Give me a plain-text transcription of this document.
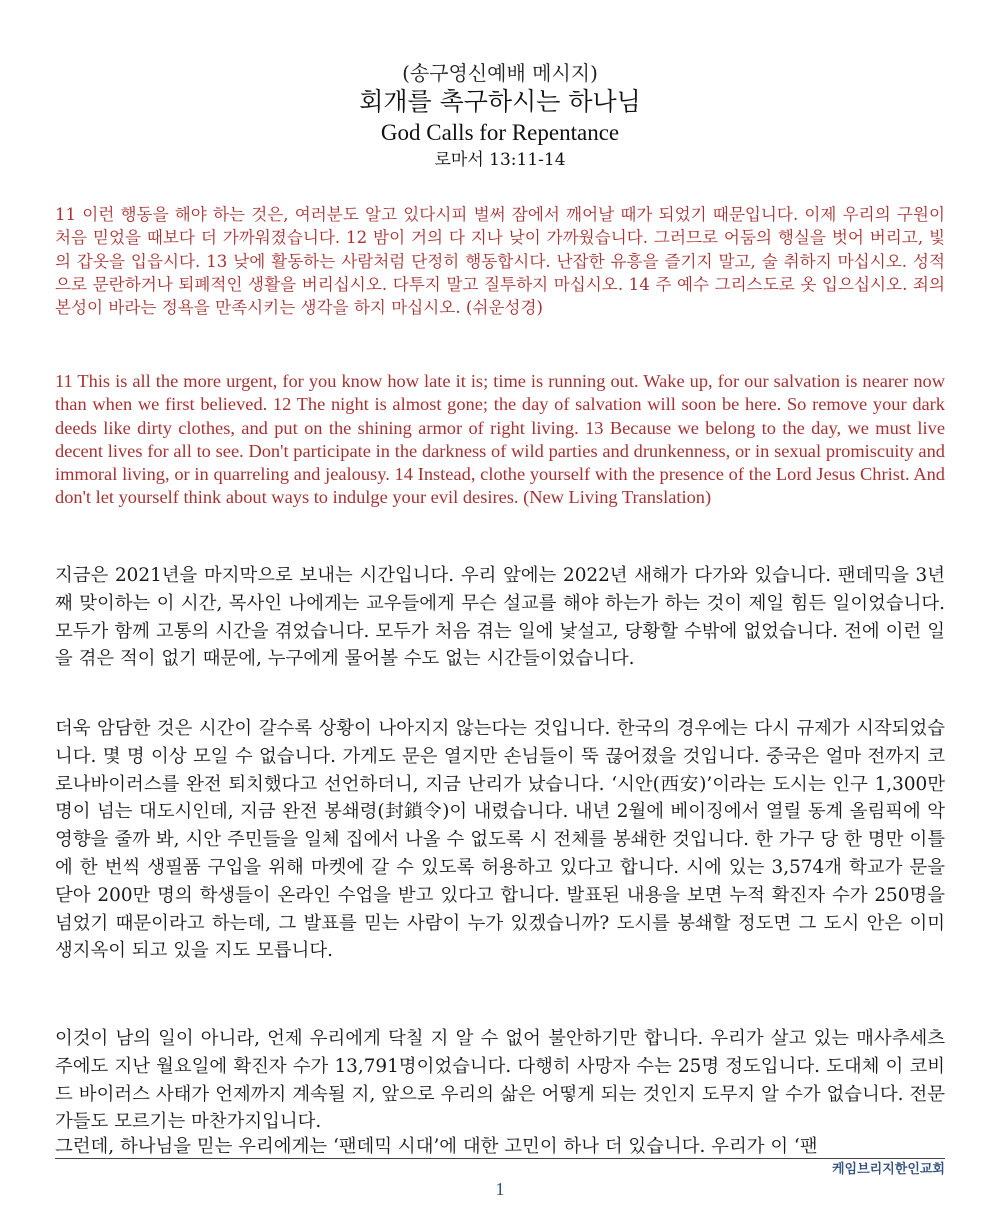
(송구영신예배 메시지)
회개를 촉구하시는 하나님
God Calls for Repentance
로마서 13:11-14
11 이런 행동을 해야 하는 것은, 여러분도 알고 있다시피 벌써 잠에서 깨어날 때가 되었기 때문입니다. 이제 우리의 구원이 처음 믿었을 때보다 더 가까워졌습니다. 12 밤이 거의 다 지나 낮이 가까웠습니다. 그러므로 어둠의 행실을 벗어 버리고, 빛의 갑옷을 입읍시다. 13 낮에 활동하는 사람처럼 단정히 행동합시다. 난잡한 유흥을 즐기지 말고, 술 취하지 마십시오. 성적으로 문란하거나 퇴폐적인 생활을 버리십시오. 다투지 말고 질투하지 마십시오. 14 주 예수 그리스도로 옷 입으십시오. 죄의 본성이 바라는 정욕을 만족시키는 생각을 하지 마십시오. (쉬운성경)
11 This is all the more urgent, for you know how late it is; time is running out. Wake up, for our salvation is nearer now than when we first believed. 12 The night is almost gone; the day of salvation will soon be here. So remove your dark deeds like dirty clothes, and put on the shining armor of right living. 13 Because we belong to the day, we must live decent lives for all to see. Don't participate in the darkness of wild parties and drunkenness, or in sexual promiscuity and immoral living, or in quarreling and jealousy. 14 Instead, clothe yourself with the presence of the Lord Jesus Christ. And don't let yourself think about ways to indulge your evil desires. (New Living Translation)

지금은 2021년을 마지막으로 보내는 시간입니다. 우리 앞에는 2022년 새해가 다가와 있습니다. 팬데믹을 3년째 맞이하는 이 시간, 목사인 나에게는 교우들에게 무슨 설교를 해야 하는가 하는 것이 제일 힘든 일이었습니다. 모두가 함께 고통의 시간을 겪었습니다. 모두가 처음 겪는 일에 낯설고, 당황할 수밖에 없었습니다. 전에 이런 일을 겪은 적이 없기 때문에, 누구에게 물어볼 수도 없는 시간들이었습니다.

더욱 암담한 것은 시간이 갈수록 상황이 나아지지 않는다는 것입니다. 한국의 경우에는 다시 규제가 시작되었습니다. 몇 명 이상 모일 수 없습니다. 가게도 문은 열지만 손님들이 뚝 끊어졌을 것입니다. 중국은 얼마 전까지 코로나바이러스를 완전 퇴치했다고 선언하더니, 지금 난리가 났습니다. ‘시안(西安)’이라는 도시는 인구 1,300만명이 넘는 대도시인데, 지금 완전 봉쇄령(封鎖令)이 내렸습니다. 내년 2월에 베이징에서 열릴 동계 올림픽에 악영향을 줄까 봐, 시안 주민들을 일체 집에서 나올 수 없도록 시 전체를 봉쇄한 것입니다. 한 가구 당 한 명만 이틀에 한 번씩 생필품 구입을 위해 마켓에 갈 수 있도록 허용하고 있다고 합니다. 시에 있는 3,574개 학교가 문을 닫아 200만 명의 학생들이 온라인 수업을 받고 있다고 합니다. 발표된 내용을 보면 누적 확진자 수가 250명을 넘었기 때문이라고 하는데, 그 발표를 믿는 사람이 누가 있겠습니까? 도시를 봉쇄할 정도면 그 도시 안은 이미 생지옥이 되고 있을 지도 모릅니다.

이것이 남의 일이 아니라, 언제 우리에게 닥칠 지 알 수 없어 불안하기만 합니다. 우리가 살고 있는 매사추세츠 주에도 지난 월요일에 확진자 수가 13,791명이었습니다. 다행히 사망자 수는 25명 정도입니다. 도대체 이 코비드 바이러스 사태가 언제까지 계속될 지, 앞으로 우리의 삶은 어떻게 되는 것인지 도무지 알 수가 없습니다. 전문가들도 모르기는 마찬가지입니다.

그런데, 하나님을 믿는 우리에게는 ‘팬데믹 시대’에 대한 고민이 하나 더 있습니다. 우리가 이 ‘팬

케임브리지한인교회
1
